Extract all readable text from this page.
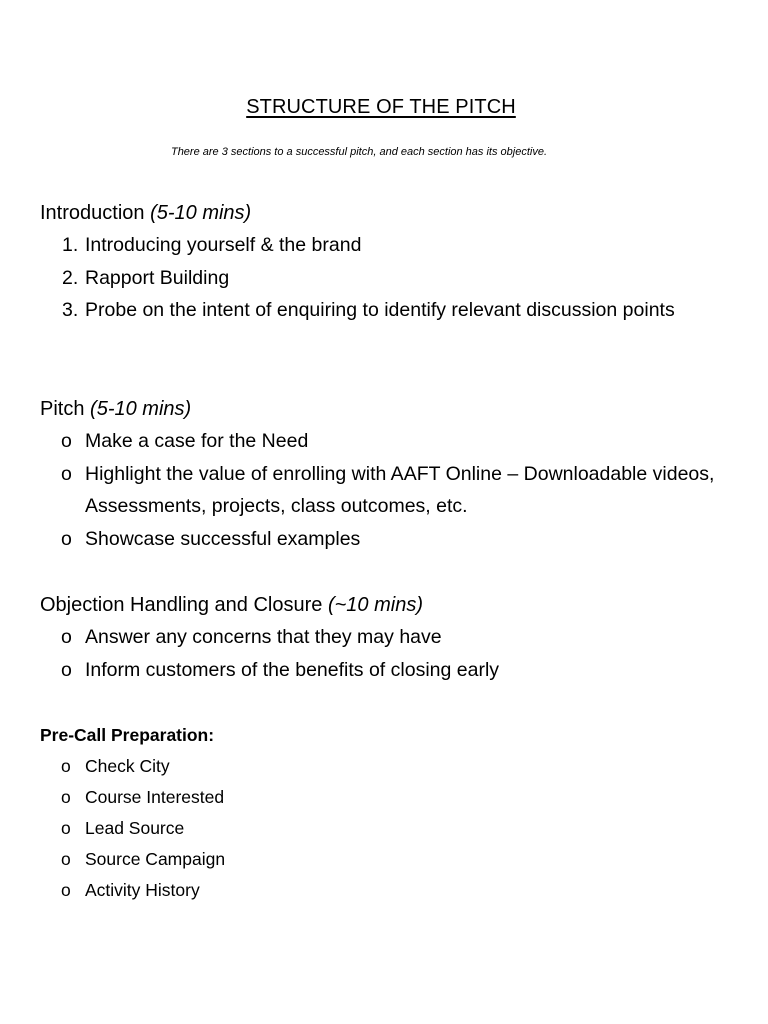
STRUCTURE OF THE PITCH
There are 3 sections to a successful pitch, and each section has its objective.
Introduction (5-10 mins)
1. Introducing yourself & the brand
2. Rapport Building
3. Probe on the intent of enquiring to identify relevant discussion points
Pitch (5-10 mins)
o Make a case for the Need
o Highlight the value of enrolling with AAFT Online – Downloadable videos, Assessments, projects, class outcomes, etc.
o Showcase successful examples
Objection Handling and Closure (~10 mins)
o Answer any concerns that they may have
o Inform customers of the benefits of closing early
Pre-Call Preparation:
o Check City
o Course Interested
o Lead Source
o Source Campaign
o Activity History
